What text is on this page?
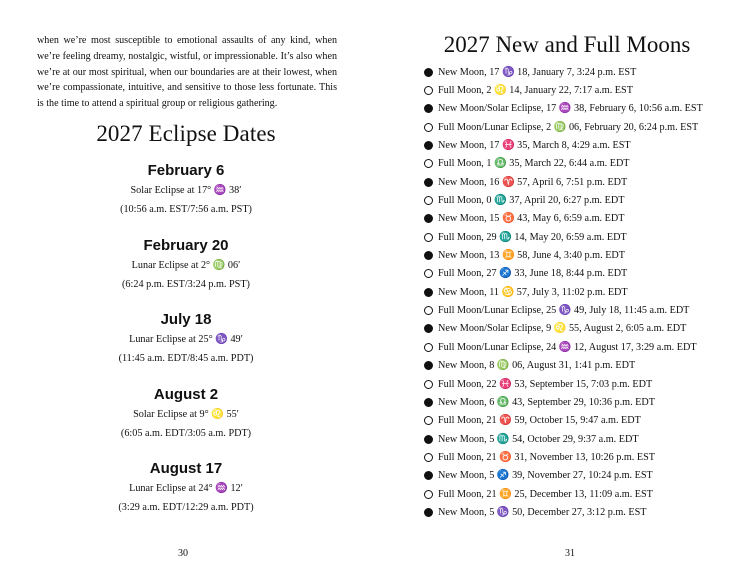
when we’re most susceptible to emotional assaults of any kind, when we’re feeling dreamy, nostalgic, wistful, or impressionable. It’s also when we’re at our most spiritual, when our boundaries are at their lowest, when we’re compassionate, intuitive, and sensitive to those less fortunate. This is the time to attend a spiritual group or religious gathering.
2027 Eclipse Dates
February 6
Solar Eclipse at 17° ♒ 38′
(10:56 a.m. EST/7:56 a.m. PST)
February 20
Lunar Eclipse at 2° ♍ 06′
(6:24 p.m. EST/3:24 p.m. PST)
July 18
Lunar Eclipse at 25° ♑ 49′
(11:45 a.m. EDT/8:45 a.m. PDT)
August 2
Solar Eclipse at 9° ♌ 55′
(6:05 a.m. EDT/3:05 a.m. PDT)
August 17
Lunar Eclipse at 24° ♒ 12′
(3:29 a.m. EDT/12:29 a.m. PDT)
30
2027 New and Full Moons
New Moon, 17 ♑ 18, January 7, 3:24 p.m. EST
Full Moon, 2 ♌ 14, January 22, 7:17 a.m. EST
New Moon/Solar Eclipse, 17 ♒ 38, February 6, 10:56 a.m. EST
Full Moon/Lunar Eclipse, 2 ♍ 06, February 20, 6:24 p.m. EST
New Moon, 17 ♓ 35, March 8, 4:29 a.m. EST
Full Moon, 1 ♎ 35, March 22, 6:44 a.m. EDT
New Moon, 16 ♈ 57, April 6, 7:51 p.m. EDT
Full Moon, 0 ♏ 37, April 20, 6:27 p.m. EDT
New Moon, 15 ♉ 43, May 6, 6:59 a.m. EDT
Full Moon, 29 ♏ 14, May 20, 6:59 a.m. EDT
New Moon, 13 ♊ 58, June 4, 3:40 p.m. EDT
Full Moon, 27 ♐ 33, June 18, 8:44 p.m. EDT
New Moon, 11 ♋ 57, July 3, 11:02 p.m. EDT
Full Moon/Lunar Eclipse, 25 ♑ 49, July 18, 11:45 a.m. EDT
New Moon/Solar Eclipse, 9 ♌ 55, August 2, 6:05 a.m. EDT
Full Moon/Lunar Eclipse, 24 ♒ 12, August 17, 3:29 a.m. EDT
New Moon, 8 ♍ 06, August 31, 1:41 p.m. EDT
Full Moon, 22 ♓ 53, September 15, 7:03 p.m. EDT
New Moon, 6 ♎ 43, September 29, 10:36 p.m. EDT
Full Moon, 21 ♈ 59, October 15, 9:47 a.m. EDT
New Moon, 5 ♏ 54, October 29, 9:37 a.m. EDT
Full Moon, 21 ♉ 31, November 13, 10:26 p.m. EST
New Moon, 5 ♐ 39, November 27, 10:24 p.m. EST
Full Moon, 21 ♊ 25, December 13, 11:09 a.m. EST
New Moon, 5 ♑ 50, December 27, 3:12 p.m. EST
31
